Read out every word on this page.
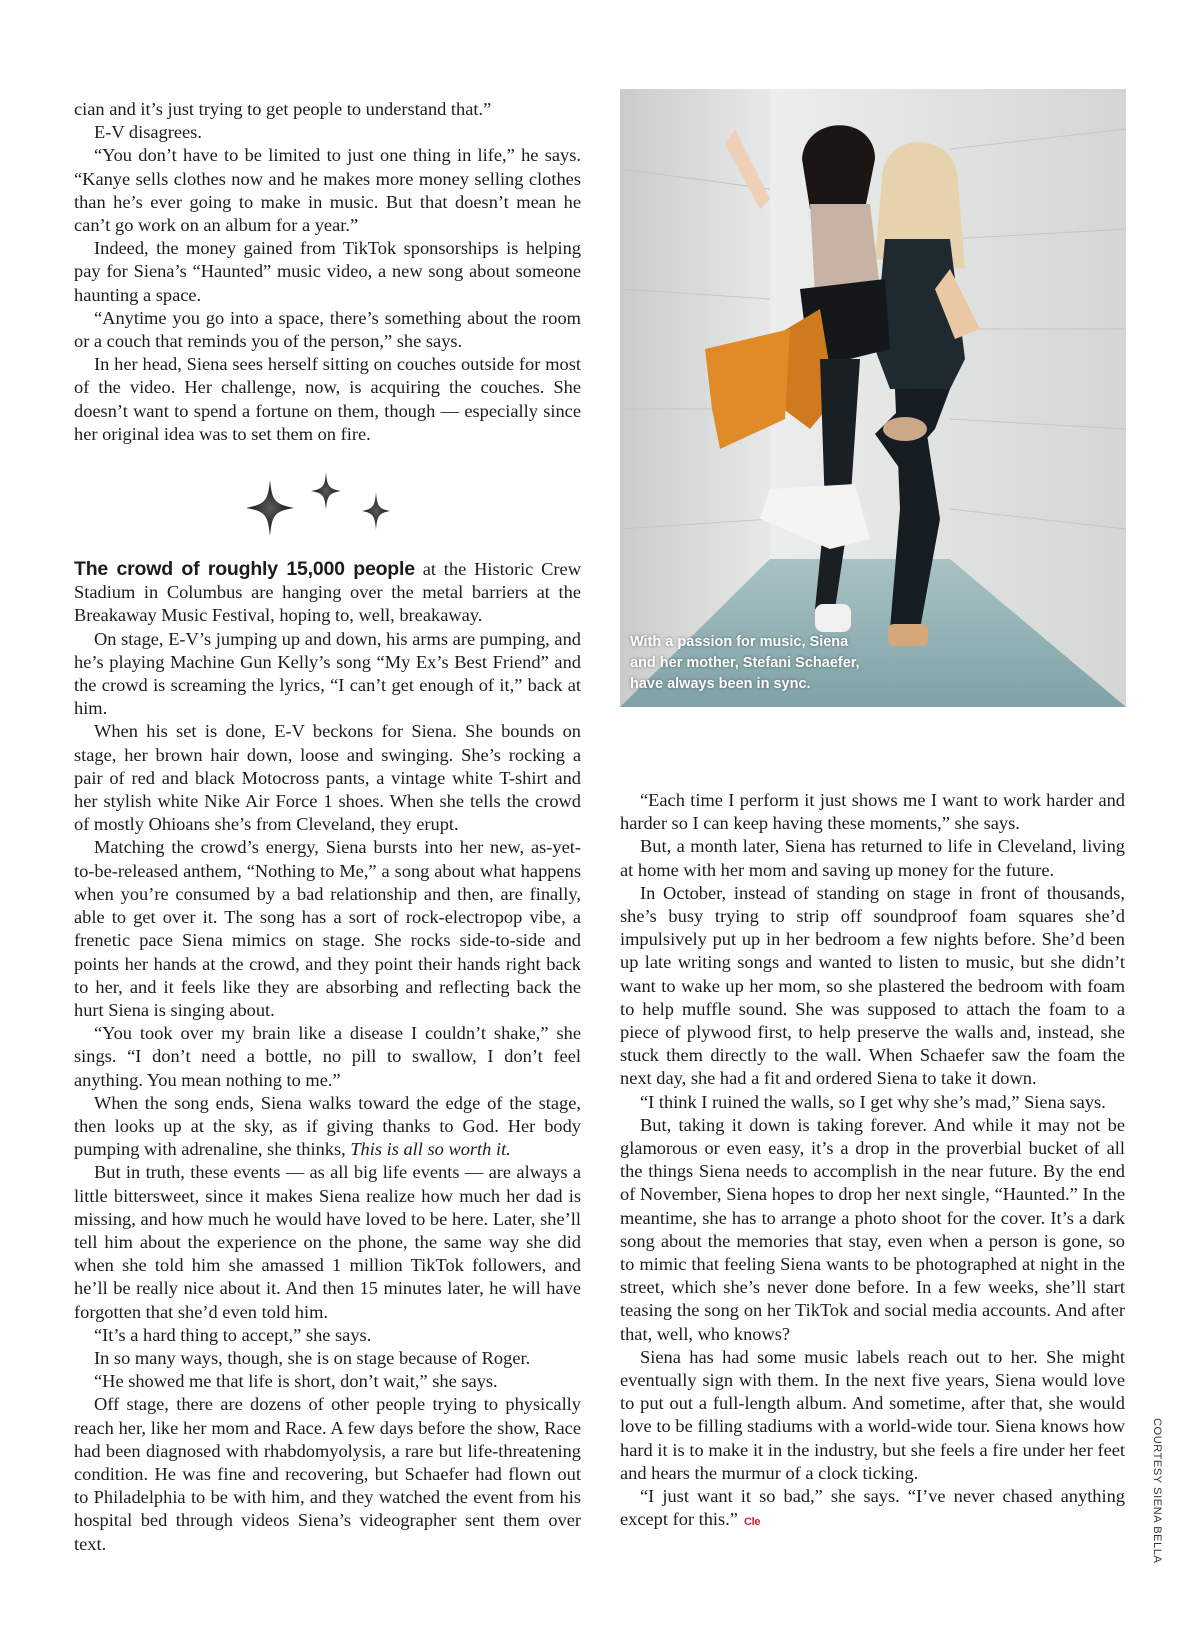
cian and it’s just trying to get people to understand that.”

E-V disagrees.

“You don’t have to be limited to just one thing in life,” he says. “Kanye sells clothes now and he makes more money selling clothes than he’s ever going to make in music. But that doesn’t mean he can’t go work on an album for a year.”

Indeed, the money gained from TikTok sponsorships is helping pay for Siena’s “Haunted” music video, a new song about someone haunting a space.

“Anytime you go into a space, there’s something about the room or a couch that reminds you of the person,” she says.

In her head, Siena sees herself sitting on couches outside for most of the video. Her challenge, now, is acquiring the couches. She doesn’t want to spend a fortune on them, though — especially since her original idea was to set them on fire.

The crowd of roughly 15,000 people at the Historic Crew Stadium in Columbus are hanging over the metal barriers at the Breakaway Music Festival, hoping to, well, breakaway.

On stage, E-V’s jumping up and down, his arms are pumping, and he’s playing Machine Gun Kelly’s song “My Ex’s Best Friend” and the crowd is screaming the lyrics, “I can’t get enough of it,” back at him.

When his set is done, E-V beckons for Siena. She bounds on stage, her brown hair down, loose and swinging. She’s rocking a pair of red and black Motocross pants, a vintage white T-shirt and her stylish white Nike Air Force 1 shoes. When she tells the crowd of mostly Ohioans she’s from Cleveland, they erupt.

Matching the crowd’s energy, Siena bursts into her new, as-yet-to-be-released anthem, “Nothing to Me,” a song about what happens when you’re consumed by a bad relationship and then, are finally, able to get over it. The song has a sort of rock-electropop vibe, a frenetic pace Siena mimics on stage. She rocks side-to-side and points her hands at the crowd, and they point their hands right back to her, and it feels like they are absorbing and reflecting back the hurt Siena is singing about.

“You took over my brain like a disease I couldn’t shake,” she sings. “I don’t need a bottle, no pill to swallow, I don’t feel anything. You mean nothing to me.”

When the song ends, Siena walks toward the edge of the stage, then looks up at the sky, as if giving thanks to God. Her body pumping with adrenaline, she thinks, This is all so worth it.

But in truth, these events — as all big life events — are always a little bittersweet, since it makes Siena realize how much her dad is missing, and how much he would have loved to be here. Later, she’ll tell him about the experience on the phone, the same way she did when she told him she amassed 1 million TikTok followers, and he’ll be really nice about it. And then 15 minutes later, he will have forgotten that she’d even told him.

“It’s a hard thing to accept,” she says.

In so many ways, though, she is on stage because of Roger.

“He showed me that life is short, don’t wait,” she says.

Off stage, there are dozens of other people trying to physically reach her, like her mom and Race. A few days before the show, Race had been diagnosed with rhabdomyolysis, a rare but life-threatening condition. He was fine and recovering, but Schaefer had flown out to Philadelphia to be with him, and they watched the event from his hospital bed through videos Siena’s videographer sent them over text.

With a passion for music, Siena and her mother, Stefani Schaefer, have always been in sync.

“Each time I perform it just shows me I want to work harder and harder so I can keep having these moments,” she says.

But, a month later, Siena has returned to life in Cleveland, living at home with her mom and saving up money for the future.

In October, instead of standing on stage in front of thousands, she’s busy trying to strip off soundproof foam squares she’d impulsively put up in her bedroom a few nights before. She’d been up late writing songs and wanted to listen to music, but she didn’t want to wake up her mom, so she plastered the bedroom with foam to help muffle sound. She was supposed to attach the foam to a piece of plywood first, to help preserve the walls and, instead, she stuck them directly to the wall. When Schaefer saw the foam the next day, she had a fit and ordered Siena to take it down.

“I think I ruined the walls, so I get why she’s mad,” Siena says.

But, taking it down is taking forever. And while it may not be glamorous or even easy, it’s a drop in the proverbial bucket of all the things Siena needs to accomplish in the near future. By the end of November, Siena hopes to drop her next single, “Haunted.” In the meantime, she has to arrange a photo shoot for the cover. It’s a dark song about the memories that stay, even when a person is gone, so to mimic that feeling Siena wants to be photographed at night in the street, which she’s never done before. In a few weeks, she’ll start teasing the song on her TikTok and social media accounts. And after that, well, who knows?

Siena has had some music labels reach out to her. She might eventually sign with them. In the next five years, Siena would love to put out a full-length album. And sometime, after that, she would love to be filling stadiums with a world-wide tour. Siena knows how hard it is to make it in the industry, but she feels a fire under her feet and hears the murmur of a clock ticking.

“I just want it so bad,” she says. “I’ve never chased anything except for this.” Cle	COURTESY SIENA BELLA
